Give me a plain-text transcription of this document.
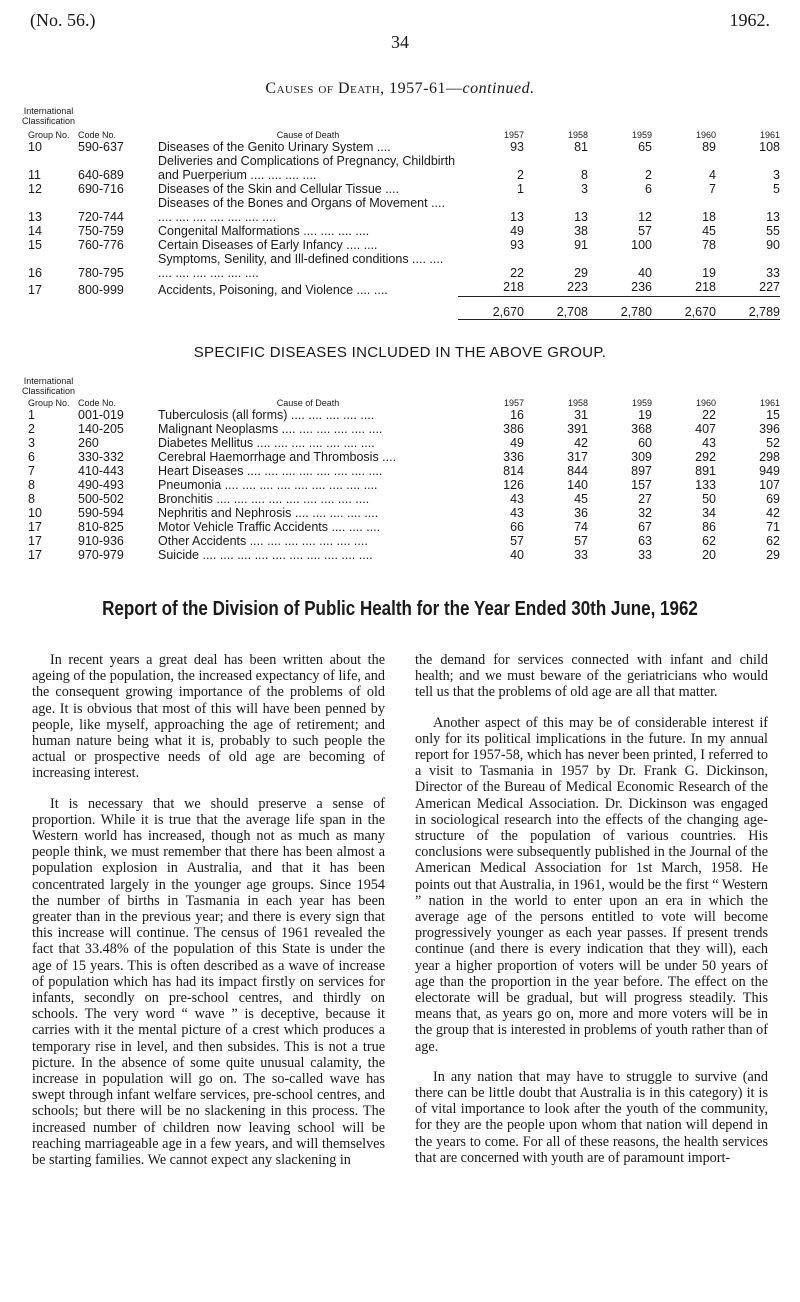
(No. 56.)	1962.
34
Causes of Death, 1957-61—continued.
International
Classification
Group No.	Code No.	Cause of Death	1957	1958	1959	1960	1961
10	590-637	Diseases of the Genito Urinary System ....	93	81	65	89	108
11	640-689	Deliveries and Complications of Pregnancy, Childbirth and Puerperium .... .... .... ....	2	8	2	4	3
12	690-716	Diseases of the Skin and Cellular Tissue ....	1	3	6	7	5
13	720-744	Diseases of the Bones and Organs of Movement .... .... .... .... .... .... .... ....	13	13	12	18	13
14	750-759	Congenital Malformations .... .... .... ....	49	38	57	45	55
15	760-776	Certain Diseases of Early Infancy .... ....	93	91	100	78	90
16	780-795	Symptoms, Senility, and Ill-defined conditions .... .... .... .... .... .... .... ....	22	29	40	19	33
17	800-999	Accidents, Poisoning, and Violence .... ....	218	223	236	218	227
			2,670	2,708	2,780	2,670	2,789
SPECIFIC DISEASES INCLUDED IN THE ABOVE GROUP.
International
Classification
Group No.	Code No.	Cause of Death	1957	1958	1959	1960	1961
1	001-019	Tuberculosis (all forms) .... .... .... .... ....	16	31	19	22	15
2	140-205	Malignant Neoplasms .... .... .... .... .... ....	386	391	368	407	396
3	260	Diabetes Mellitus .... .... .... .... .... .... ....	49	42	60	43	52
6	330-332	Cerebral Haemorrhage and Thrombosis ....	336	317	309	292	298
7	410-443	Heart Diseases .... .... .... .... .... .... .... ....	814	844	897	891	949
8	490-493	Pneumonia .... .... .... .... .... .... .... .... ....	126	140	157	133	107
8	500-502	Bronchitis .... .... .... .... .... .... .... .... ....	43	45	27	50	69
10	590-594	Nephritis and Nephrosis .... .... .... .... ....	43	36	32	34	42
17	810-825	Motor Vehicle Traffic Accidents .... .... ....	66	74	67	86	71
17	910-936	Other Accidents .... .... .... .... .... .... ....	57	57	63	62	62
17	970-979	Suicide .... .... .... .... .... .... .... .... .... ....	40	33	33	20	29
Report of the Division of Public Health for the Year Ended 30th June, 1962

In recent years a great deal has been written about the ageing of the population, the increased expectancy of life, and the consequent growing importance of the problems of old age. It is obvious that most of this will have been penned by people, like myself, approaching the age of retirement; and human nature being what it is, probably to such people the actual or prospective needs of old age are becoming of increasing interest.

It is necessary that we should preserve a sense of proportion. While it is true that the average life span in the Western world has increased, though not as much as many people think, we must remember that there has been almost a population explosion in Australia, and that it has been concentrated largely in the younger age groups. Since 1954 the number of births in Tasmania in each year has been greater than in the previous year; and there is every sign that this increase will continue. The census of 1961 revealed the fact that 33.48% of the population of this State is under the age of 15 years. This is often described as a wave of increase of population which has had its impact firstly on services for infants, secondly on pre-school centres, and thirdly on schools. The very word “ wave ” is deceptive, because it carries with it the mental picture of a crest which produces a temporary rise in level, and then subsides. This is not a true picture. In the absence of some quite unusual calamity, the increase in population will go on. The so-called wave has swept through infant welfare services, pre-school centres, and schools; but there will be no slackening in this process. The increased number of children now leaving school will be reaching marriageable age in a few years, and will themselves be starting families. We cannot expect any slackening in

the demand for services connected with infant and child health; and we must beware of the geriatricians who would tell us that the problems of old age are all that matter.

Another aspect of this may be of considerable interest if only for its political implications in the future. In my annual report for 1957-58, which has never been printed, I referred to a visit to Tasmania in 1957 by Dr. Frank G. Dickinson, Director of the Bureau of Medical Economic Research of the American Medical Association. Dr. Dickinson was engaged in sociological research into the effects of the changing age-structure of the population of various countries. His conclusions were subsequently published in the Journal of the American Medical Association for 1st March, 1958. He points out that Australia, in 1961, would be the first “ Western ” nation in the world to enter upon an era in which the average age of the persons entitled to vote will become progressively younger as each year passes. If present trends continue (and there is every indication that they will), each year a higher proportion of voters will be under 50 years of age than the proportion in the year before. The effect on the electorate will be gradual, but will progress steadily. This means that, as years go on, more and more voters will be in the group that is interested in problems of youth rather than of age.

In any nation that may have to struggle to survive (and there can be little doubt that Australia is in this category) it is of vital importance to look after the youth of the community, for they are the people upon whom that nation will depend in the years to come. For all of these reasons, the health services that are concerned with youth are of paramount import-
